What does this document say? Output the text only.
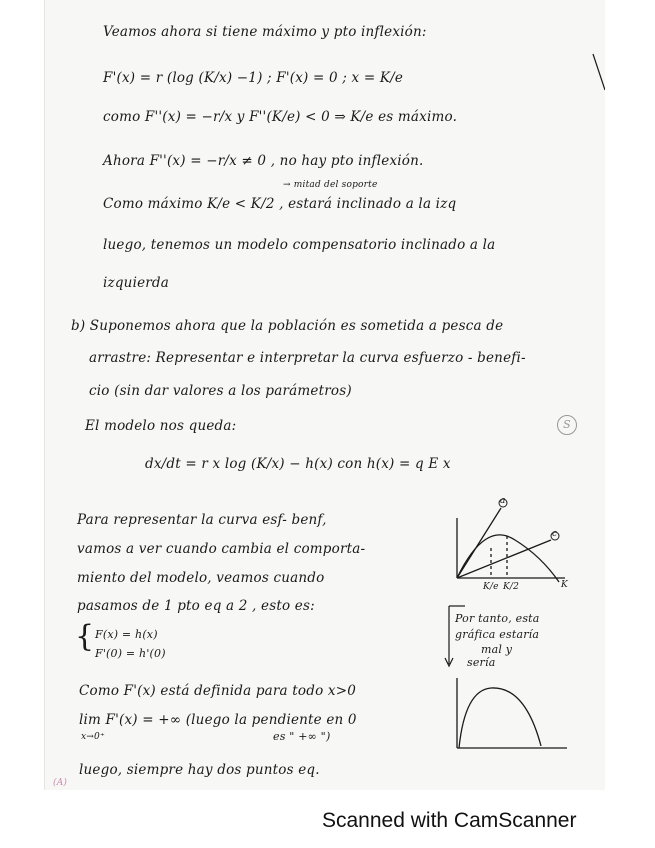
Veamos ahora si tiene máximo y pto inflexión:
F'(x) = r (log (K/x) −1) ; F'(x) = 0 ; x = K/e
como F''(x) = −r/x y F''(K/e) < 0 ⇒ K/e es máximo.
Ahora F''(x) = −r/x ≠ 0 , no hay pto inflexión.
→ mitad del soporte
Como máximo K/e < K/2 , estará inclinado a la izq
luego, tenemos un modelo compensatorio inclinado a la
izquierda
b) Suponemos ahora que la población es sometida a pesca de
arrastre: Representar e interpretar la curva esfuerzo - benefi-
cio (sin dar valores a los parámetros)
El modelo nos queda:	S
dx/dt = r x log (K/x) − h(x) con h(x) = q E x
Para representar la curva esf- benf,
vamos a ver cuando cambia el comporta-
miento del modelo, veamos cuando
pasamos de 1 pto eq a 2 , esto es:
{ F(x) = h(x)
F'(0) = h'(0)
Como F'(x) está definida para todo x>0
lim F'(x) = +∞ (luego la pendiente en 0
x→0⁺	es " +∞ ")
luego, siempre hay dos puntos eq.
(A)
Por tanto, esta
gráfica estaría
mal y
sería
a
c
K/e K/2	K
Scanned with CamScanner
